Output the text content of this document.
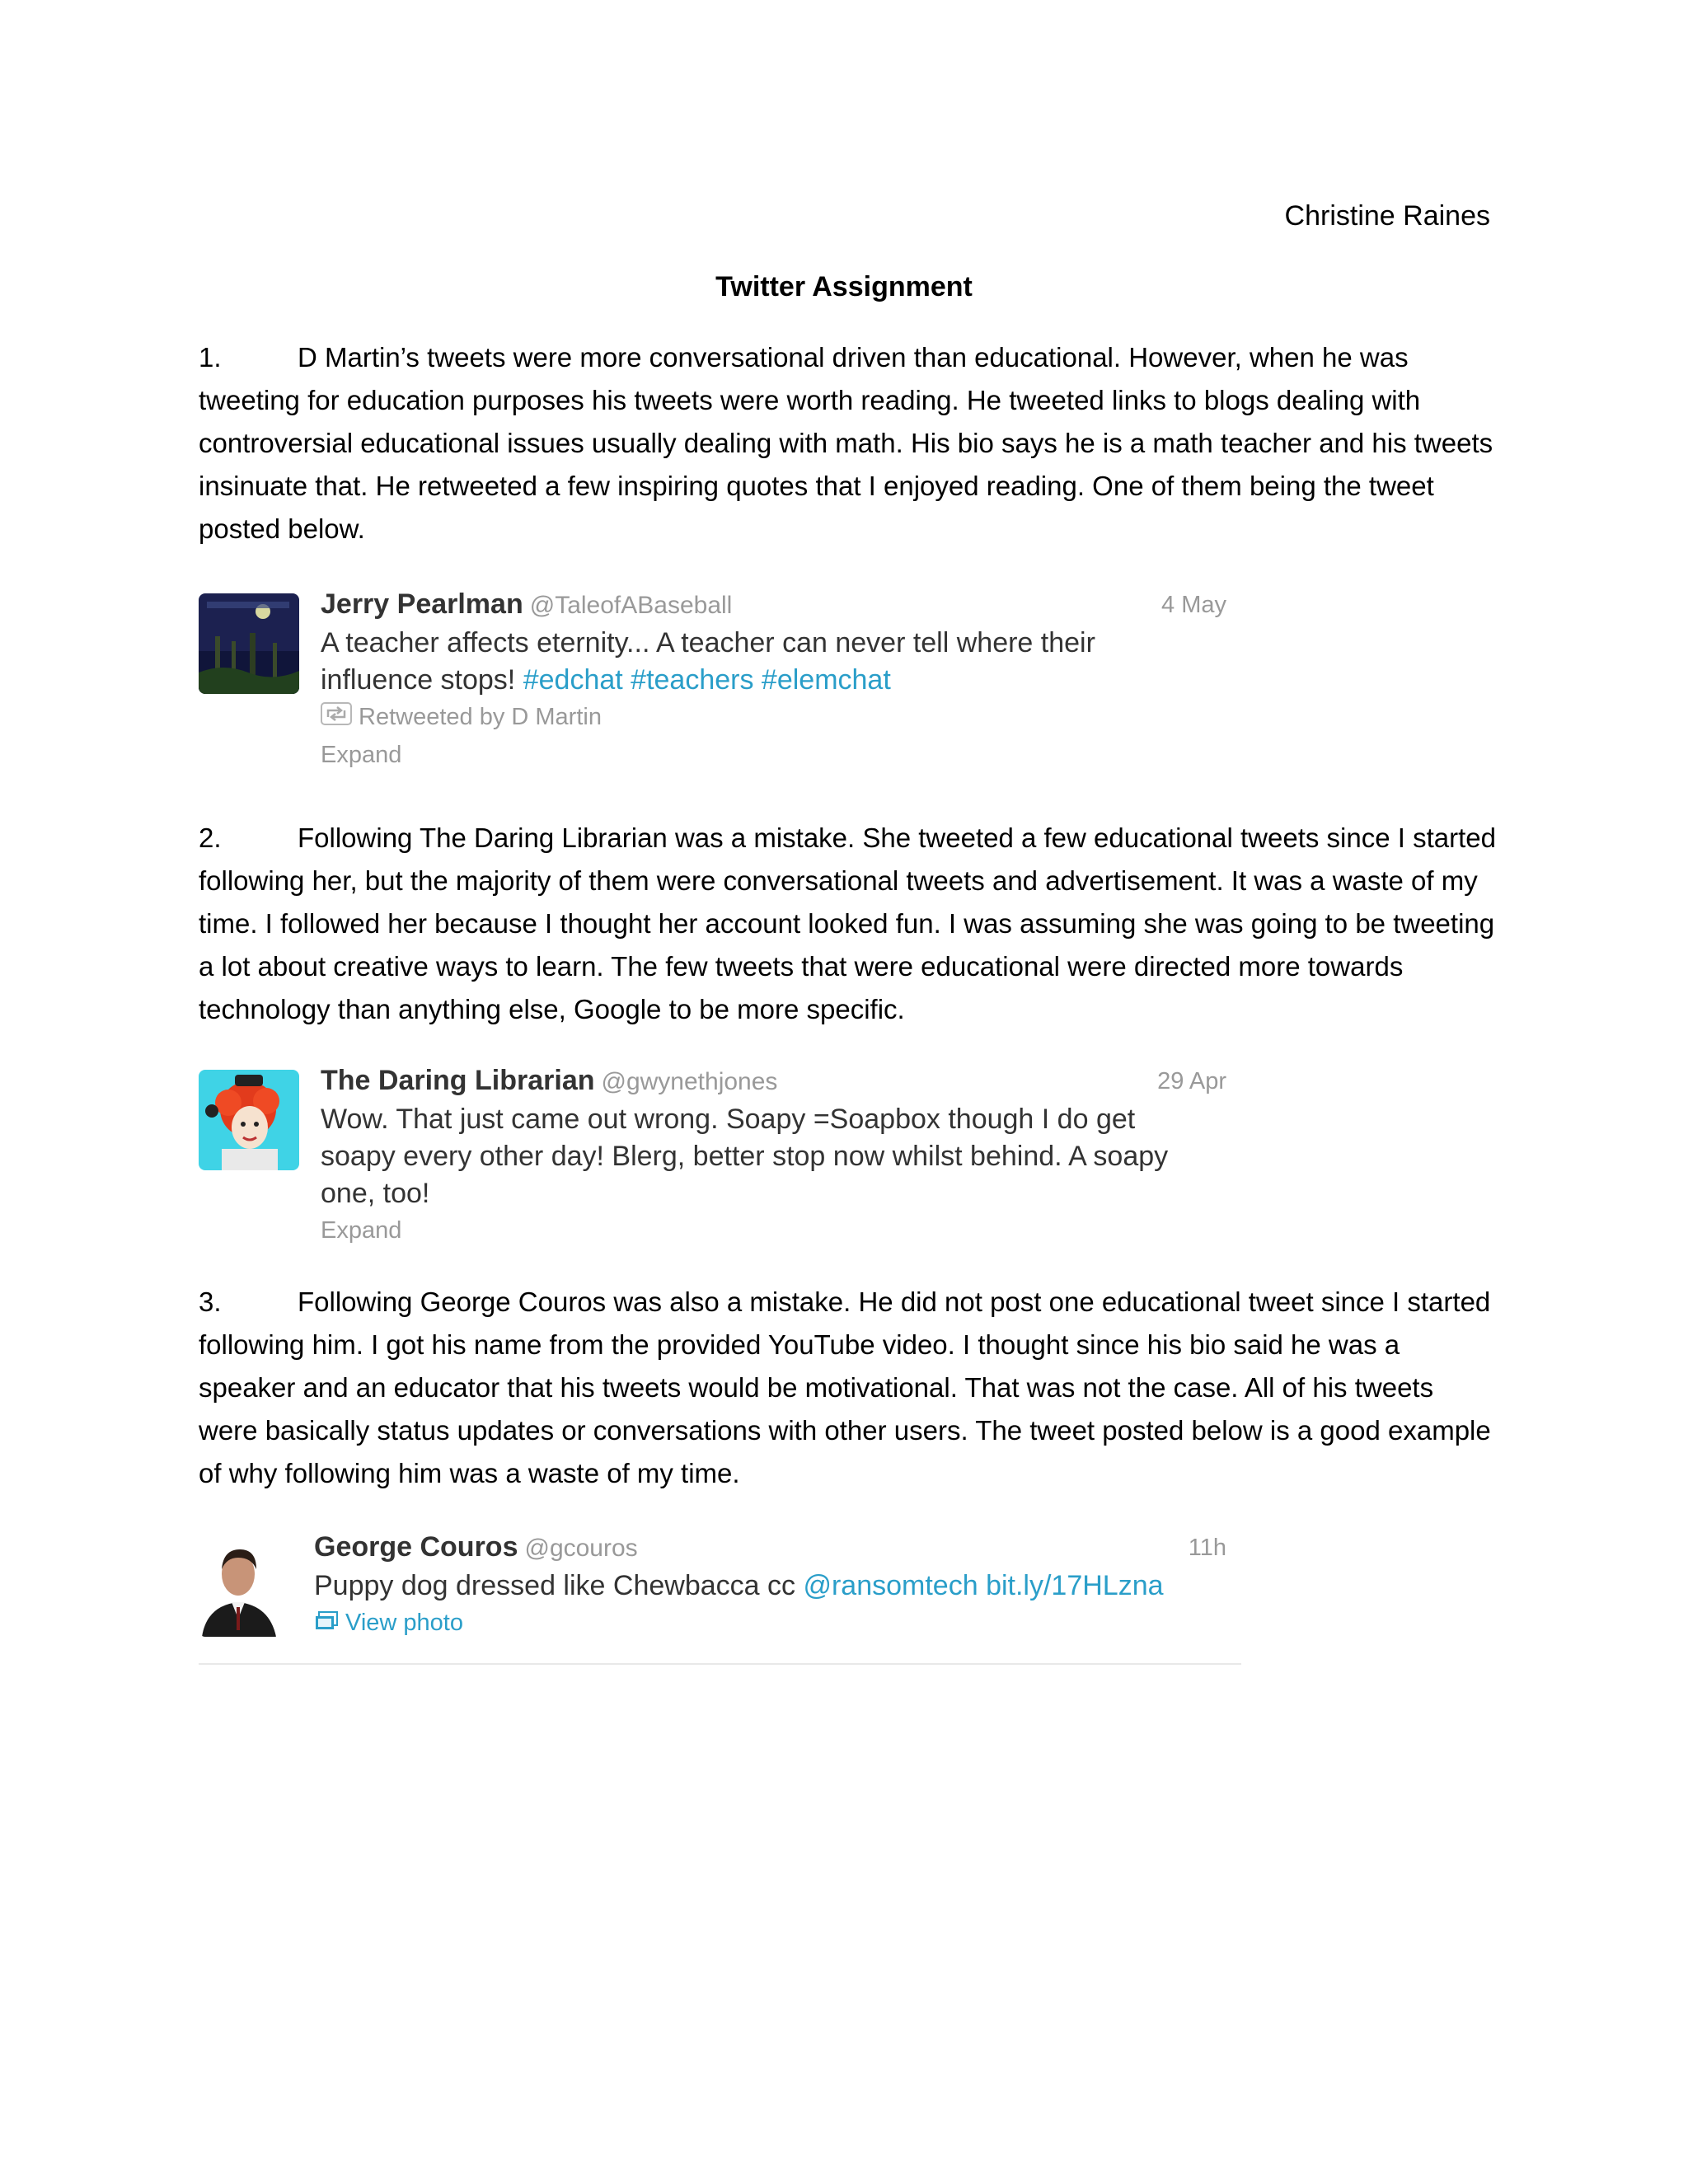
Christine Raines
Twitter Assignment
1.	D Martin’s tweets were more conversational driven than educational. However, when he was tweeting for education purposes his tweets were worth reading. He tweeted links to blogs dealing with controversial educational issues usually dealing with math. His bio says he is a math teacher and his tweets insinuate that. He retweeted a few inspiring quotes that I enjoyed reading. One of them being the tweet posted below.
Jerry Pearlman @TaleofABaseball	4 May
A teacher affects eternity... A teacher can never tell where their influence stops! #edchat #teachers #elemchat
Retweeted by D Martin
Expand
2.	Following The Daring Librarian was a mistake. She tweeted a few educational tweets since I started following her, but the majority of them were conversational tweets and advertisement. It was a waste of my time. I followed her because I thought her account looked fun. I was assuming she was going to be tweeting a lot about creative ways to learn. The few tweets that were educational were directed more towards technology than anything else, Google to be more specific.
The Daring Librarian @gwynethjones	29 Apr
Wow. That just came out wrong. Soapy =Soapbox though I do get soapy every other day! Blerg, better stop now whilst behind. A soapy one, too!
Expand
3.	Following George Couros was also a mistake. He did not post one educational tweet since I started following him. I got his name from the provided YouTube video. I thought since his bio said he was a speaker and an educator that his tweets would be motivational. That was not the case. All of his tweets were basically status updates or conversations with other users. The tweet posted below is a good example of why following him was a waste of my time.
George Couros @gcouros	11h
Puppy dog dressed like Chewbacca cc @ransomtech bit.ly/17HLzna
View photo
